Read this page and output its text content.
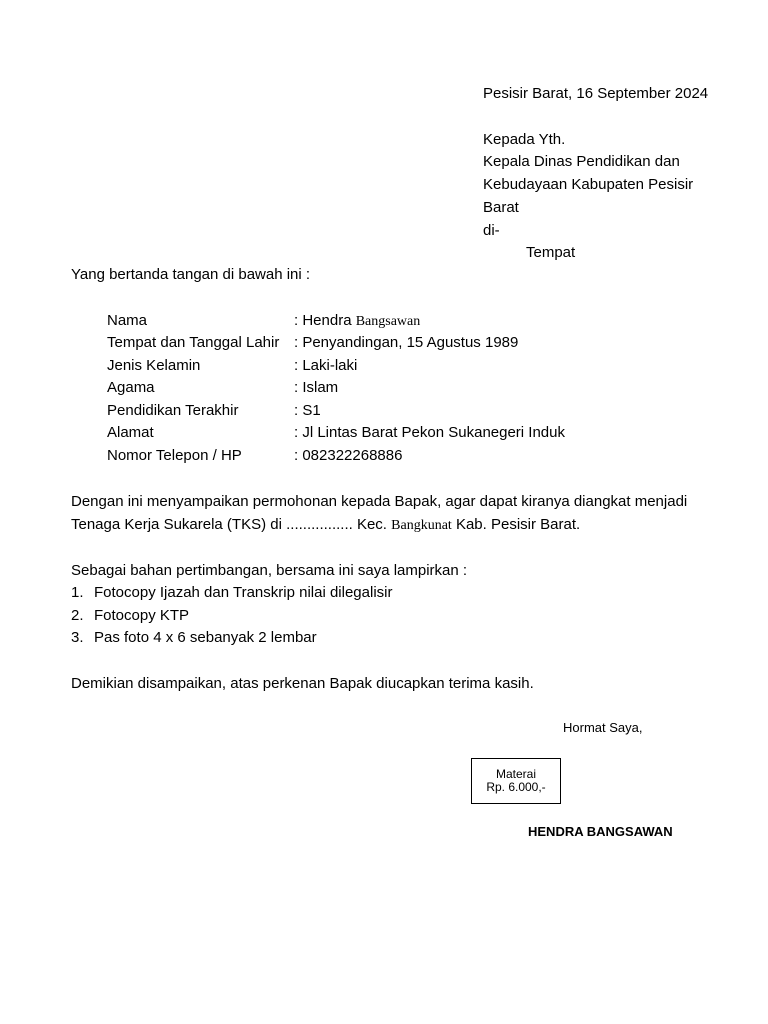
Pesisir Barat, 16 September 2024
Kepada Yth.
Kepala Dinas Pendidikan dan
Kebudayaan Kabupaten Pesisir
Barat
di-
Tempat
Yang bertanda tangan di bawah ini :
Nama	: Hendra Bangsawan
Tempat dan Tanggal Lahir : Penyandingan, 15 Agustus 1989
Jenis Kelamin	: Laki-laki
Agama	: Islam
Pendidikan Terakhir	: S1
Alamat	: Jl Lintas Barat Pekon Sukanegeri Induk
Nomor Telepon / HP	: 082322268886
Dengan ini menyampaikan permohonan kepada Bapak, agar dapat kiranya diangkat menjadi
Tenaga Kerja Sukarela (TKS) di ................ Kec. Bangkunat Kab. Pesisir Barat.
Sebagai bahan pertimbangan, bersama ini saya lampirkan :
1. Fotocopy Ijazah dan Transkrip nilai dilegalisir
2. Fotocopy KTP
3. Pas foto 4 x 6 sebanyak 2 lembar
Demikian disampaikan, atas perkenan Bapak diucapkan terima kasih.
Hormat Saya,
Materai
Rp. 6.000,-
HENDRA BANGSAWAN
